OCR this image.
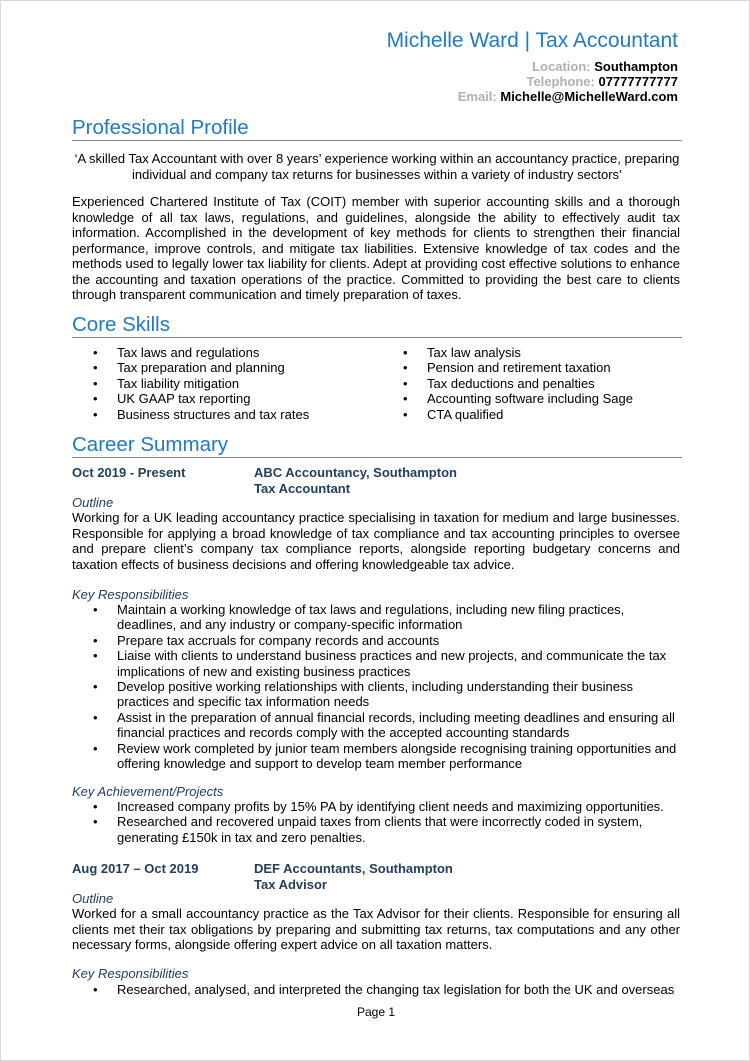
Michelle Ward | Tax Accountant
Location: Southampton
Telephone: 07777777777
Email: Michelle@MichelleWard.com
Professional Profile
‘A skilled Tax Accountant with over 8 years’ experience working within an accountancy practice, preparing individual and company tax returns for businesses within a variety of industry sectors’
Experienced Chartered Institute of Tax (COIT) member with superior accounting skills and a thorough knowledge of all tax laws, regulations, and guidelines, alongside the ability to effectively audit tax information. Accomplished in the development of key methods for clients to strengthen their financial performance, improve controls, and mitigate tax liabilities. Extensive knowledge of tax codes and the methods used to legally lower tax liability for clients. Adept at providing cost effective solutions to enhance the accounting and taxation operations of the practice. Committed to providing the best care to clients through transparent communication and timely preparation of taxes.
Core Skills
• Tax laws and regulations
• Tax preparation and planning
• Tax liability mitigation
• UK GAAP tax reporting
• Business structures and tax rates
• Tax law analysis
• Pension and retirement taxation
• Tax deductions and penalties
• Accounting software including Sage
• CTA qualified
Career Summary
Oct 2019 - Present	ABC Accountancy, Southampton
Tax Accountant
Outline
Working for a UK leading accountancy practice specialising in taxation for medium and large businesses. Responsible for applying a broad knowledge of tax compliance and tax accounting principles to oversee and prepare client’s company tax compliance reports, alongside reporting budgetary concerns and taxation effects of business decisions and offering knowledgeable tax advice.
Key Responsibilities
• Maintain a working knowledge of tax laws and regulations, including new filing practices, deadlines, and any industry or company-specific information
• Prepare tax accruals for company records and accounts
• Liaise with clients to understand business practices and new projects, and communicate the tax implications of new and existing business practices
• Develop positive working relationships with clients, including understanding their business practices and specific tax information needs
• Assist in the preparation of annual financial records, including meeting deadlines and ensuring all financial practices and records comply with the accepted accounting standards
• Review work completed by junior team members alongside recognising training opportunities and offering knowledge and support to develop team member performance
Key Achievement/Projects
• Increased company profits by 15% PA by identifying client needs and maximizing opportunities.
• Researched and recovered unpaid taxes from clients that were incorrectly coded in system, generating £150k in tax and zero penalties.
Aug 2017 – Oct 2019	DEF Accountants, Southampton
Tax Advisor
Outline
Worked for a small accountancy practice as the Tax Advisor for their clients. Responsible for ensuring all clients met their tax obligations by preparing and submitting tax returns, tax computations and any other necessary forms, alongside offering expert advice on all taxation matters.
Key Responsibilities
• Researched, analysed, and interpreted the changing tax legislation for both the UK and overseas
Page 1
